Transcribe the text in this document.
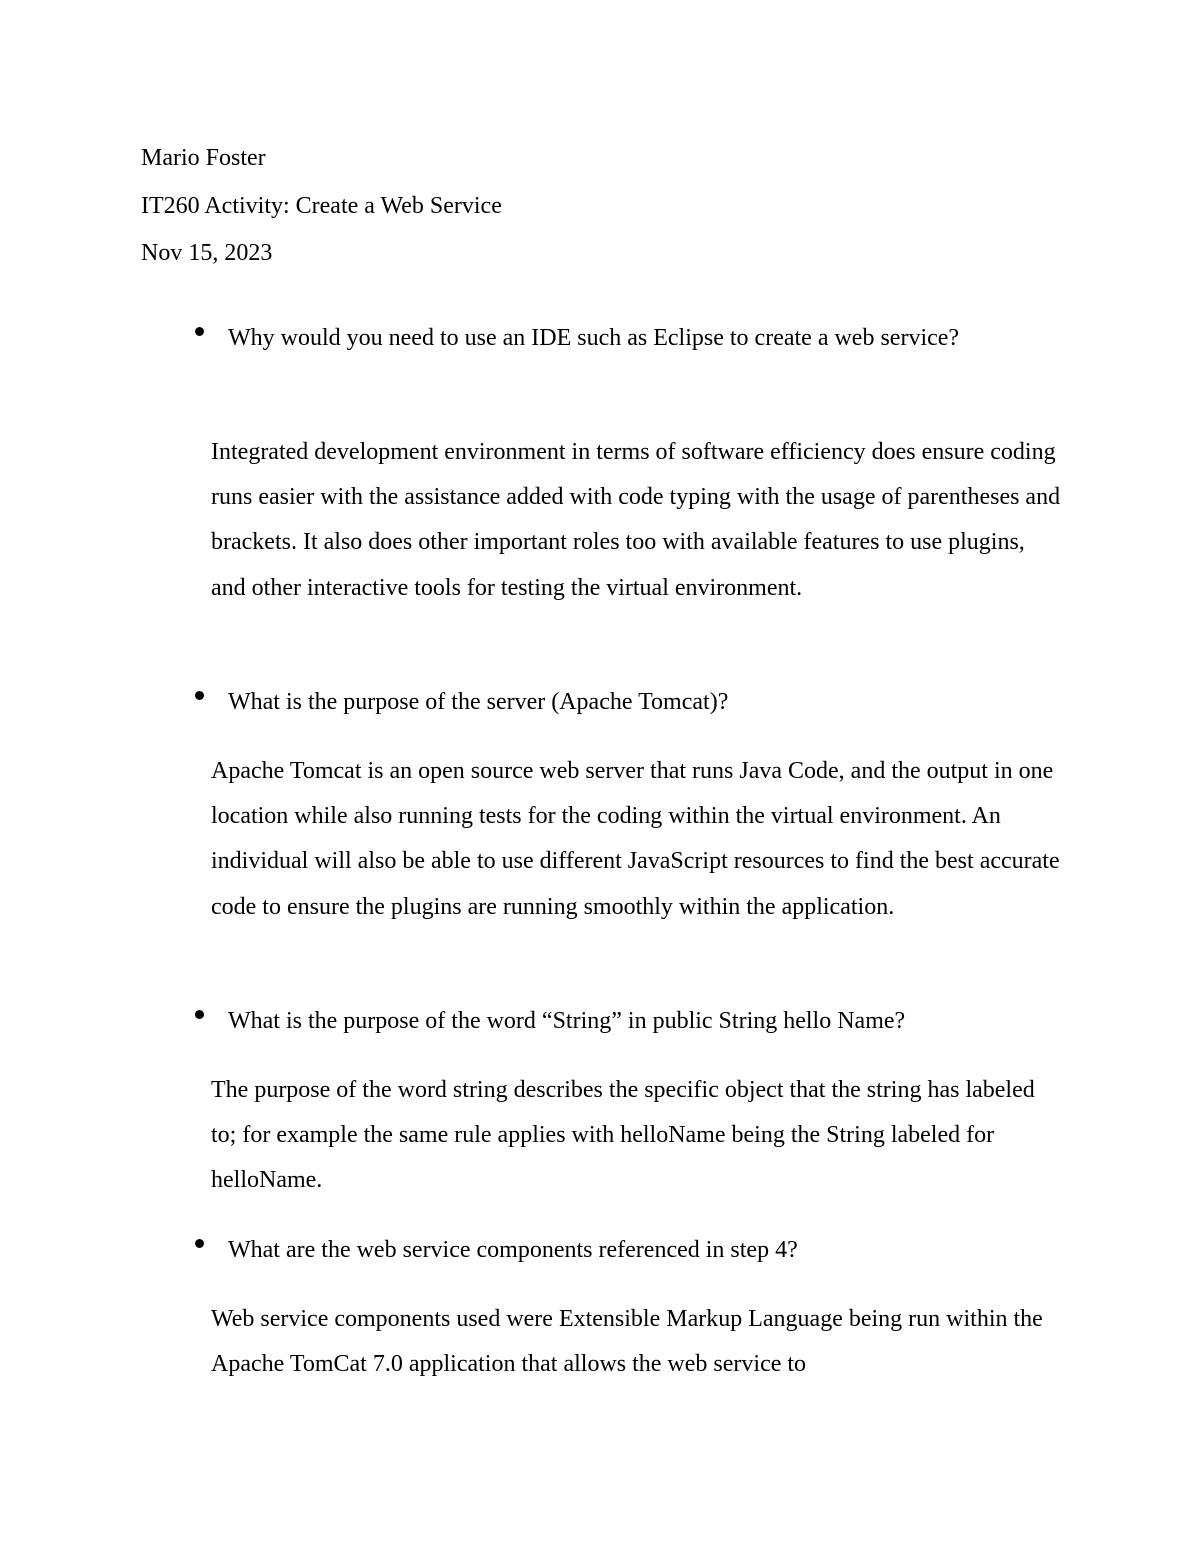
Mario Foster

IT260 Activity: Create a Web Service

Nov 15, 2023

Why would you need to use an IDE such as Eclipse to create a web service?

Integrated development environment in terms of software efficiency does ensure coding runs easier with the assistance added with code typing with the usage of parentheses and brackets. It also does other important roles too with available features to use plugins, and other interactive tools for testing the virtual environment.

What is the purpose of the server (Apache Tomcat)?

Apache Tomcat is an open source web server that runs Java Code, and the output in one location while also running tests for the coding within the virtual environment. An individual will also be able to use different JavaScript resources to find the best accurate code to ensure the plugins are running smoothly within the application.

What is the purpose of the word “String” in public String hello Name?

The purpose of the word string describes the specific object that the string has labeled to; for example the same rule applies with helloName being the String labeled for helloName.

What are the web service components referenced in step 4?

Web service components used were Extensible Markup Language being run within the Apache TomCat 7.0 application that allows the web service to
